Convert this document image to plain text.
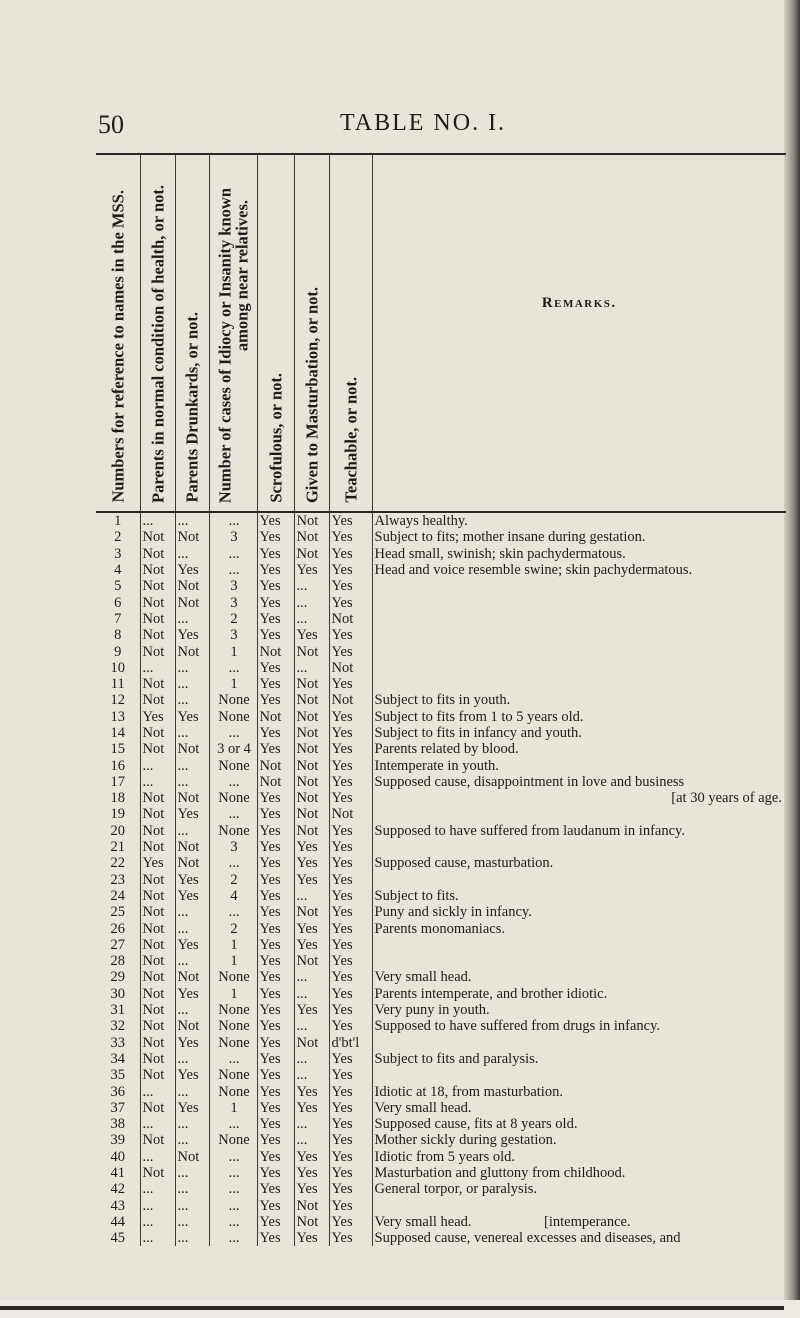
50	TABLE NO. I.
Numbers for reference to names in the MSS.	Parents in normal condition of health, or not.	Parents Drunkards, or not.	Number of cases of Idiocy or Insanity known
among near relatives.	Scrofulous, or not.	Given to Masturbation, or not.	Teachable, or not.	Remarks.

1	...	...	...	Yes	Not	Yes	Always healthy.
2	Not	Not	3	Yes	Not	Yes	Subject to fits; mother insane during gestation.
3	Not	...	...	Yes	Not	Yes	Head small, swinish; skin pachydermatous.
4	Not	Yes	...	Yes	Yes	Yes	Head and voice resemble swine; skin pachydermatous.
5	Not	Not	3	Yes	...	Yes	
6	Not	Not	3	Yes	...	Yes	
7	Not	...	2	Yes	...	Not	
8	Not	Yes	3	Yes	Yes	Yes	
9	Not	Not	1	Not	Not	Yes	
10	...	...	...	Yes	...	Not	
11	Not	...	1	Yes	Not	Yes	
12	Not	...	None	Yes	Not	Not	Subject to fits in youth.
13	Yes	Yes	None	Not	Not	Yes	Subject to fits from 1 to 5 years old.
14	Not	...	...	Yes	Not	Yes	Subject to fits in infancy and youth.
15	Not	Not	3 or 4	Yes	Not	Yes	Parents related by blood.
16	...	...	None	Not	Not	Yes	Intemperate in youth.
17	...	...	...	Not	Not	Yes	Supposed cause, disappointment in love and business
18	Not	Not	None	Yes	Not	Yes	[at 30 years of age.

19	Not	Yes	...	Yes	Not	Not	
20	Not	...	None	Yes	Not	Yes	Supposed to have suffered from laudanum in infancy.
21	Not	Not	3	Yes	Yes	Yes	
22	Yes	Not	...	Yes	Yes	Yes	Supposed cause, masturbation.
23	Not	Yes	2	Yes	Yes	Yes	
24	Not	Yes	4	Yes	...	Yes	Subject to fits.
25	Not	...	...	Yes	Not	Yes	Puny and sickly in infancy.
26	Not	...	2	Yes	Yes	Yes	Parents monomaniacs.
27	Not	Yes	1	Yes	Yes	Yes	
28	Not	...	1	Yes	Not	Yes	
29	Not	Not	None	Yes	...	Yes	Very small head.
30	Not	Yes	1	Yes	...	Yes	Parents intemperate, and brother idiotic.
31	Not	...	None	Yes	Yes	Yes	Very puny in youth.
32	Not	Not	None	Yes	...	Yes	Supposed to have suffered from drugs in infancy.
33	Not	Yes	None	Yes	Not	d'bt'l	
34	Not	...	...	Yes	...	Yes	Subject to fits and paralysis.
35	Not	Yes	None	Yes	...	Yes	
36	...	...	None	Yes	Yes	Yes	Idiotic at 18, from masturbation.
37	Not	Yes	1	Yes	Yes	Yes	Very small head.
38	...	...	...	Yes	...	Yes	Supposed cause, fits at 8 years old.
39	Not	...	None	Yes	...	Yes	Mother sickly during gestation.
40	...	Not	...	Yes	Yes	Yes	Idiotic from 5 years old.
41	Not	...	...	Yes	Yes	Yes	Masturbation and gluttony from childhood.
42	...	...	...	Yes	Yes	Yes	General torpor, or paralysis.
43	...	...	...	Yes	Not	Yes	
44	...	...	...	Yes	Not	Yes	Very small head.                    [intemperance.
45	...	...	...	Yes	Yes	Yes	Supposed cause, venereal excesses and diseases, and
